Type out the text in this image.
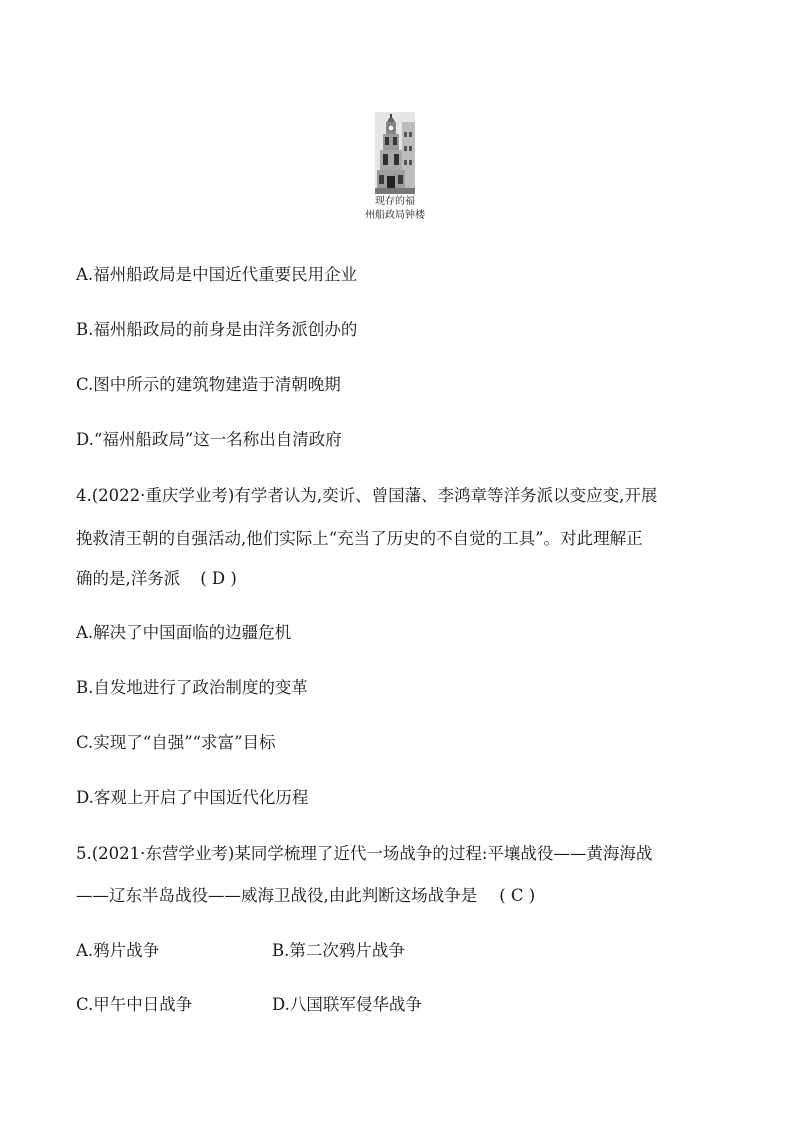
现存的福
州船政局钟楼
A.福州船政局是中国近代重要民用企业
B.福州船政局的前身是由洋务派创办的
C.图中所示的建筑物建造于清朝晚期
D.“福州船政局”这一名称出自清政府
4.(2022·重庆学业考)有学者认为,奕䜣、曾国藩、李鸿章等洋务派以变应变,开展
挽救清王朝的自强活动,他们实际上“充当了历史的不自觉的工具”。对此理解正
确的是,洋务派 ( D )
A.解决了中国面临的边疆危机
B.自发地进行了政治制度的变革
C.实现了“自强”“求富”目标
D.客观上开启了中国近代化历程
5.(2021·东营学业考)某同学梳理了近代一场战争的过程:平壤战役——黄海海战
——辽东半岛战役——威海卫战役,由此判断这场战争是 ( C )
A.鸦片战争	B.第二次鸦片战争
C.甲午中日战争	D.八国联军侵华战争
